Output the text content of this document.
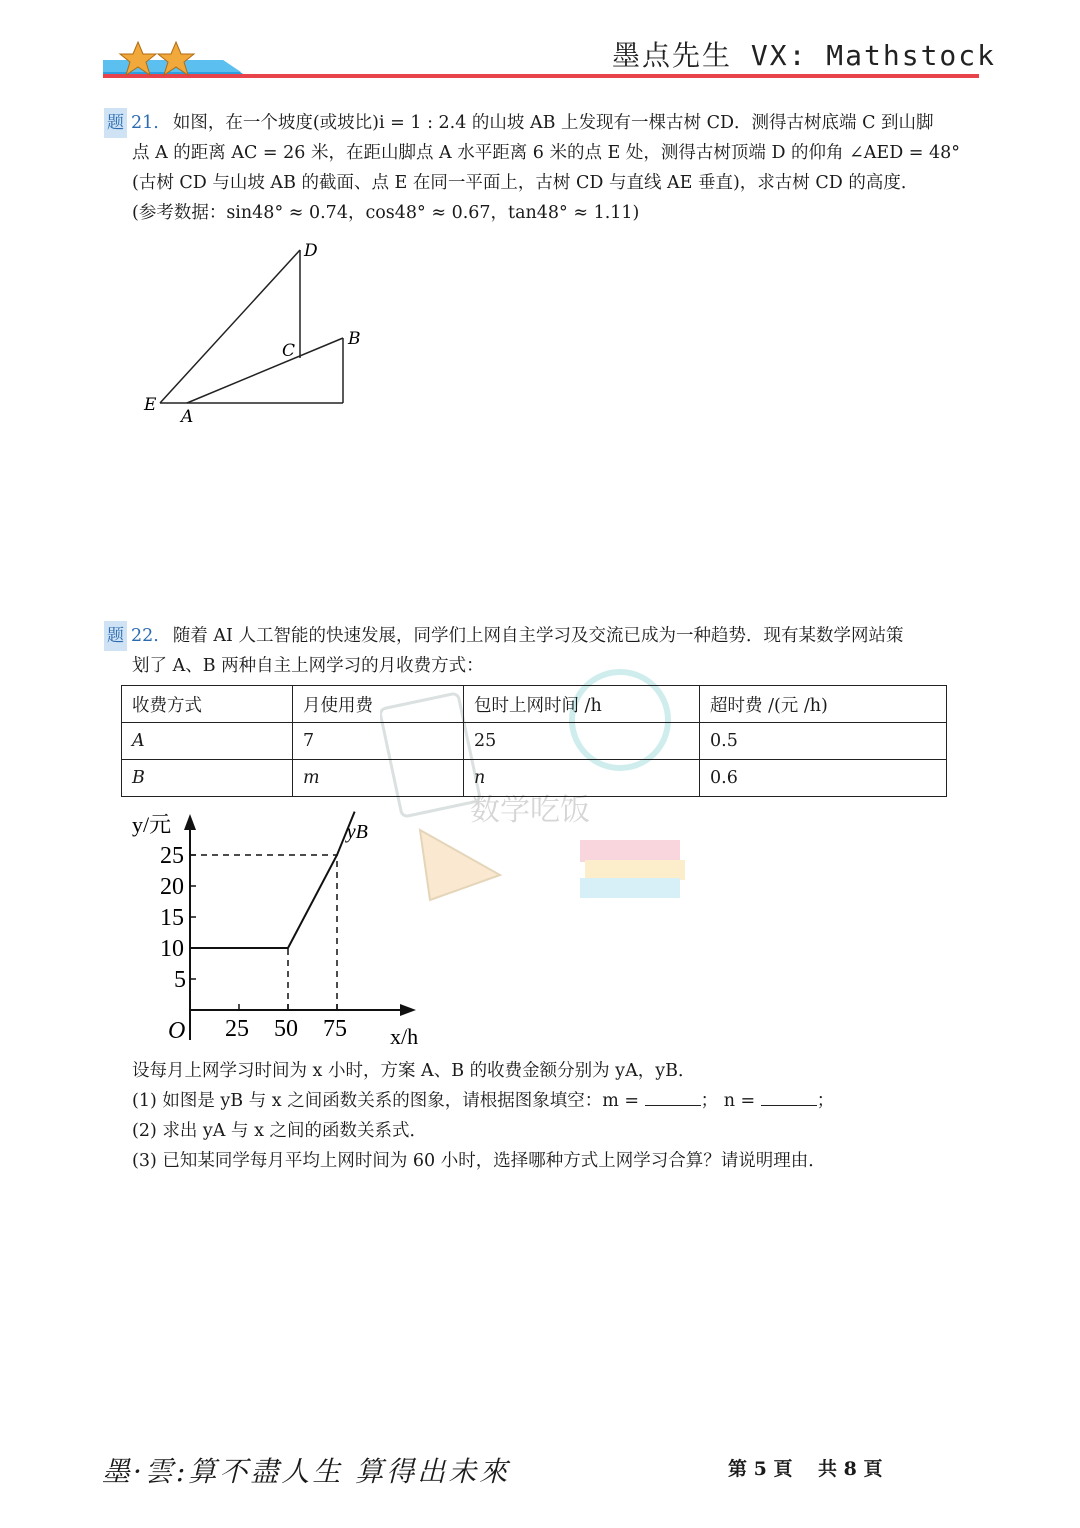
墨点先生 VX: Mathstock
题 21. 如图，在一个坡度(或坡比)i = 1 : 2.4 的山坡 AB 上发现有一棵古树 CD．测得古树底端 C 到山脚
点 A 的距离 AC = 26 米，在距山脚点 A 水平距离 6 米的点 E 处，测得古树顶端 D 的仰角 ∠AED = 48°
(古树 CD 与山坡 AB 的截面、点 E 在同一平面上，古树 CD 与直线 AE 垂直)，求古树 CD 的高度．
(参考数据：sin48° ≈ 0.74，cos48° ≈ 0.67，tan48° ≈ 1.11)
D
C
B
E
A
题 22. 随着 AI 人工智能的快速发展，同学们上网自主学习及交流已成为一种趋势．现有某数学网站策
划了 A、B 两种自主上网学习的月收费方式：
数学吃饭
收费方式	月使用费	包时上网时间 /h	超时费 /(元 /h)
A	7	25	0.5
B	m	n	0.6
25 50 75
5
10
15
20
25
O	x/h
y/元	yB
设每月上网学习时间为 x 小时，方案 A、B 的收费金额分别为 yA，yB．
(1) 如图是 yB 与 x 之间函数关系的图象，请根据图象填空：m =	； n =	；
(2) 求出 yA 与 x 之间的函数关系式．
(3) 已知某同学每月平均上网时间为 60 小时，选择哪种方式上网学习合算？请说明理由．
墨·雲:算不盡人生 算得出未來	第 5 頁 共 8 頁
